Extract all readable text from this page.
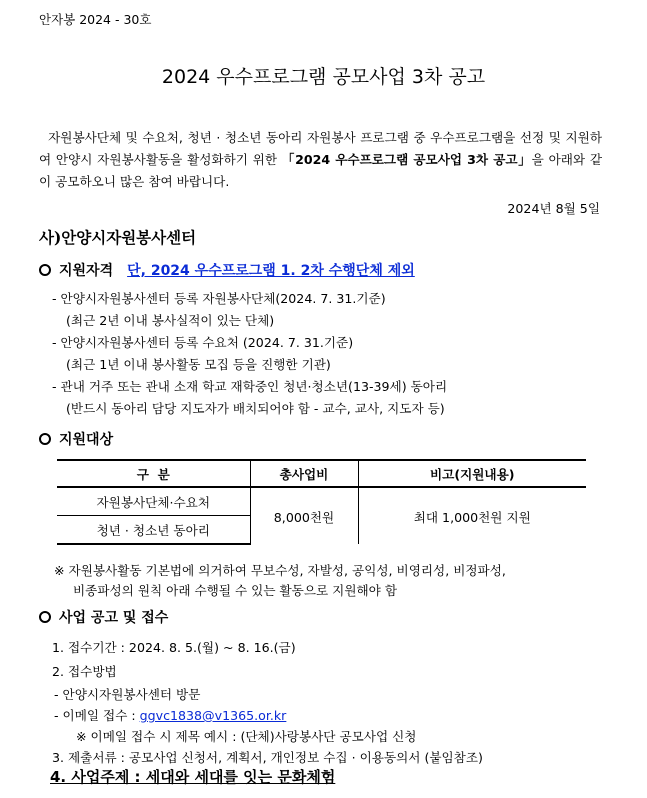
안자봉 2024 - 30호
2024 우수프로그램 공모사업 3차 공고
자원봉사단체 및 수요처, 청년 · 청소년 동아리 자원봉사 프로그램 중 우수프로그램을 선정 및 지원하여 안양시 자원봉사활동을 활성화하기 위한 「2024 우수프로그램 공모사업 3차 공고」을 아래와 같이 공모하오니 많은 참여 바랍니다.
2024년 8월 5일
사)안양시자원봉사센터
지원자격 단, 2024 우수프로그램 1. 2차 수행단체 제외
- 안양시자원봉사센터 등록 자원봉사단체(2024. 7. 31.기준)
(최근 2년 이내 봉사실적이 있는 단체)
- 안양시자원봉사센터 등록 수요처 (2024. 7. 31.기준)
(최근 1년 이내 봉사활동 모집 등을 진행한 기관)
- 관내 거주 또는 관내 소재 학교 재학중인 청년·청소년(13-39세) 동아리
(반드시 동아리 담당 지도자가 배치되어야 함 - 교수, 교사, 지도자 등)
지원대상
구  분	총사업비	비고(지원내용)
자원봉사단체·수요처	8,000천원	최대 1,000천원 지원
청년 · 청소년 동아리		
※ 자원봉사활동 기본법에 의거하여 무보수성, 자발성, 공익성, 비영리성, 비정파성,
비종파성의 원칙 아래 수행될 수 있는 활동으로 지원해야 함
사업 공고 및 접수
1. 접수기간 : 2024. 8. 5.(월) ~ 8. 16.(금)
2. 접수방법
- 안양시자원봉사센터 방문
- 이메일 접수 : ggvc1838@v1365.or.kr
※ 이메일 접수 시 제목 예시 : (단체)사랑봉사단 공모사업 신청
3. 제출서류 : 공모사업 신청서, 계획서, 개인정보 수집 · 이용동의서 (붙임참조)
4. 사업주제 : 세대와 세대를 잇는 문화체험
